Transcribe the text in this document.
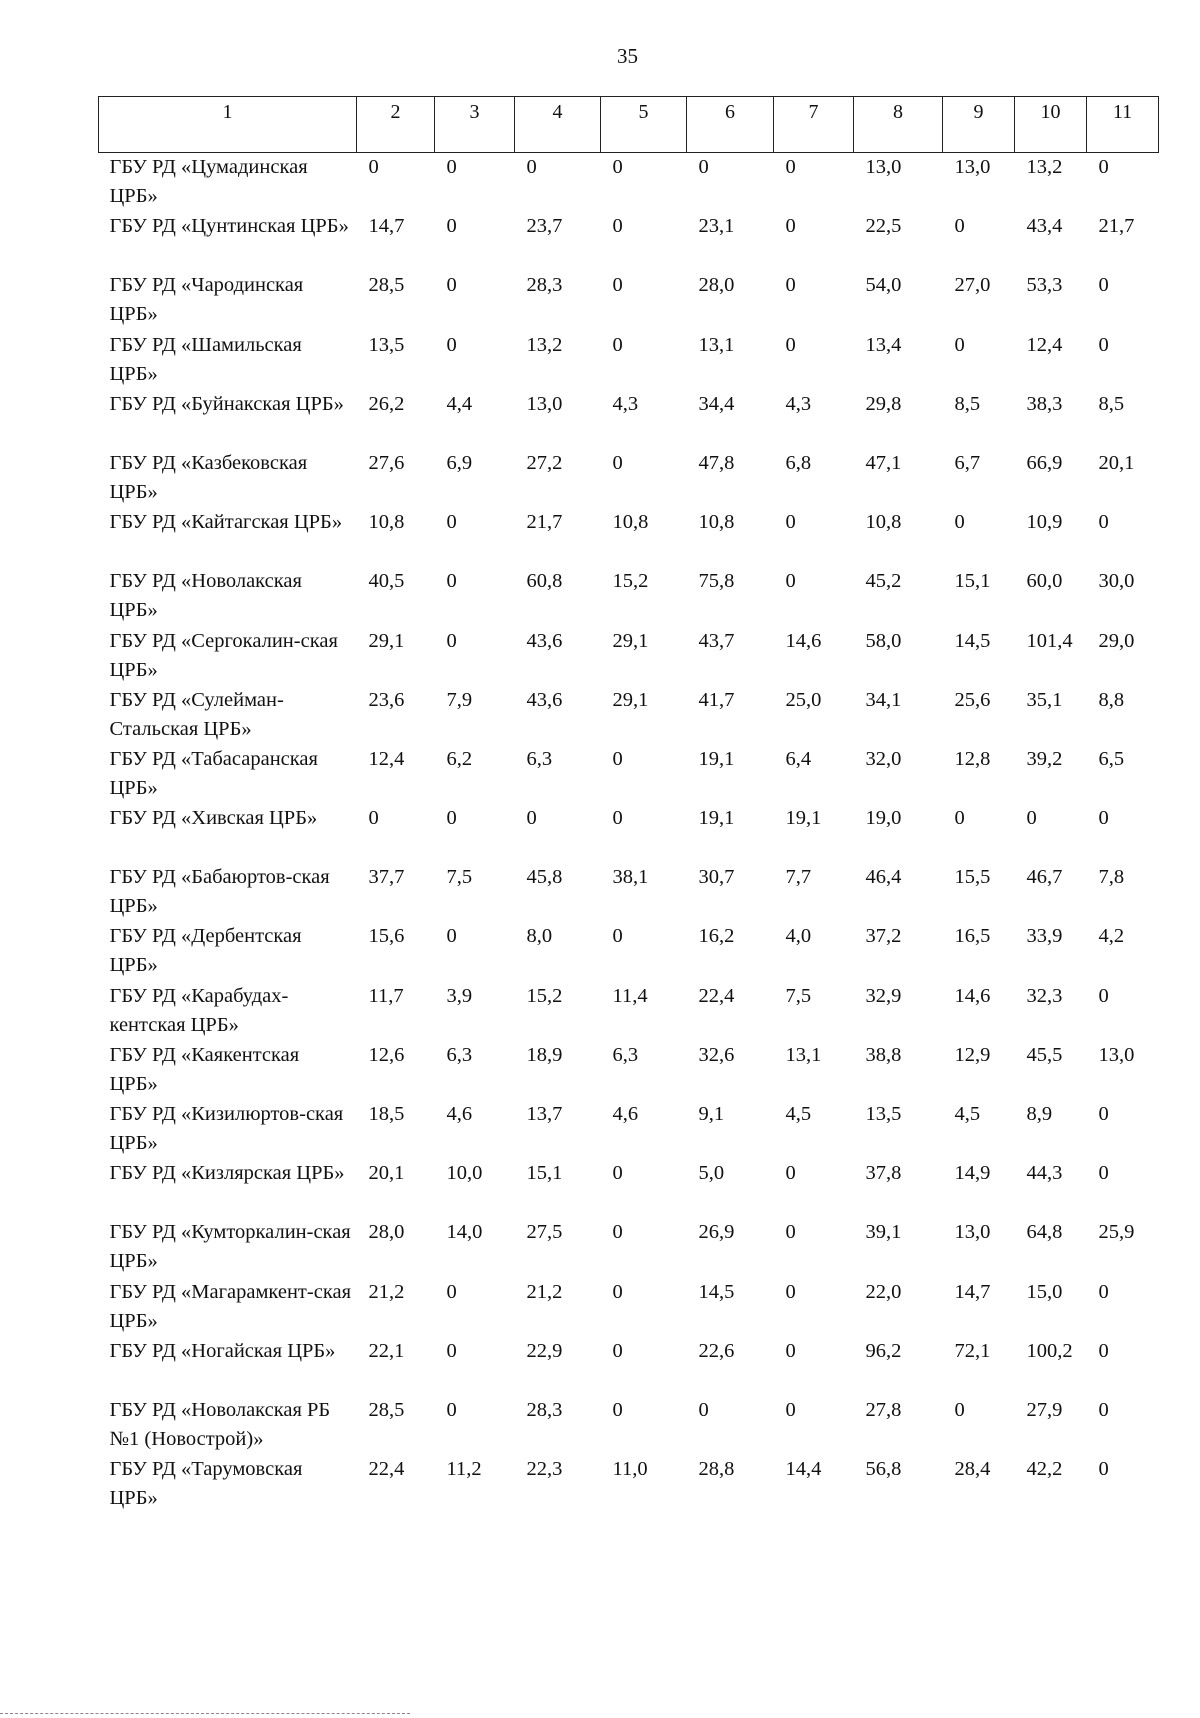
35
1	2	3	4	5	6	7	8	9	10	11
ГБУ РД «Цумадинская ЦРБ»	0	0	0	0	0	0	13,0	13,0	13,2	0
ГБУ РД «Цунтинская ЦРБ»	14,7	0	23,7	0	23,1	0	22,5	0	43,4	21,7
ГБУ РД «Чародинская ЦРБ»	28,5	0	28,3	0	28,0	0	54,0	27,0	53,3	0
ГБУ РД «Шамильская ЦРБ»	13,5	0	13,2	0	13,1	0	13,4	0	12,4	0
ГБУ РД «Буйнакская ЦРБ»	26,2	4,4	13,0	4,3	34,4	4,3	29,8	8,5	38,3	8,5
ГБУ РД «Казбековская ЦРБ»	27,6	6,9	27,2	0	47,8	6,8	47,1	6,7	66,9	20,1
ГБУ РД «Кайтагская ЦРБ»	10,8	0	21,7	10,8	10,8	0	10,8	0	10,9	0
ГБУ РД «Новолакская ЦРБ»	40,5	0	60,8	15,2	75,8	0	45,2	15,1	60,0	30,0
ГБУ РД «Сергокалин-ская ЦРБ»	29,1	0	43,6	29,1	43,7	14,6	58,0	14,5	101,4	29,0
ГБУ РД «Сулейман-Стальская ЦРБ»	23,6	7,9	43,6	29,1	41,7	25,0	34,1	25,6	35,1	8,8
ГБУ РД «Табасаранская ЦРБ»	12,4	6,2	6,3	0	19,1	6,4	32,0	12,8	39,2	6,5
ГБУ РД «Хивская ЦРБ»	0	0	0	0	19,1	19,1	19,0	0	0	0
ГБУ РД «Бабаюртов-ская ЦРБ»	37,7	7,5	45,8	38,1	30,7	7,7	46,4	15,5	46,7	7,8
ГБУ РД «Дербентская ЦРБ»	15,6	0	8,0	0	16,2	4,0	37,2	16,5	33,9	4,2
ГБУ РД «Карабудах-кентская ЦРБ»	11,7	3,9	15,2	11,4	22,4	7,5	32,9	14,6	32,3	0
ГБУ РД «Каякентская ЦРБ»	12,6	6,3	18,9	6,3	32,6	13,1	38,8	12,9	45,5	13,0
ГБУ РД «Кизилюртов-ская ЦРБ»	18,5	4,6	13,7	4,6	9,1	4,5	13,5	4,5	8,9	0
ГБУ РД «Кизлярская ЦРБ»	20,1	10,0	15,1	0	5,0	0	37,8	14,9	44,3	0
ГБУ РД «Кумторкалин-ская ЦРБ»	28,0	14,0	27,5	0	26,9	0	39,1	13,0	64,8	25,9
ГБУ РД «Магарамкент-ская ЦРБ»	21,2	0	21,2	0	14,5	0	22,0	14,7	15,0	0
ГБУ РД «Ногайская ЦРБ»	22,1	0	22,9	0	22,6	0	96,2	72,1	100,2	0
ГБУ РД «Новолакская РБ №1 (Новострой)»	28,5	0	28,3	0	0	0	27,8	0	27,9	0
ГБУ РД «Тарумовская ЦРБ»	22,4	11,2	22,3	11,0	28,8	14,4	56,8	28,4	42,2	0
